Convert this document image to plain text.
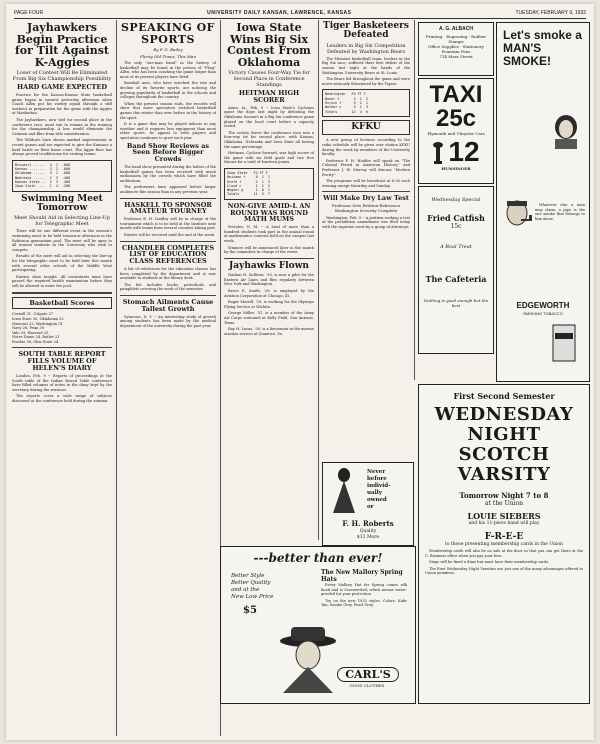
PAGE FOUR	UNIVERSITY DAILY KANSAN, LAWRENCE, KANSAS	TUESDAY, FEBRUARY 9, 1932
Jayhawkers Begin Practice for Tilt Against K-Aggies
Loser of Contest Will Be Eliminated From Big Six Championship Possibility
HARD GAME EXPECTED

Practice for the Kansas-Kansas State basketball game began in earnest yesterday afternoon when Coach Allen put his varsity squad through a stiff workout in preparation for the game with the Aggies at Manhattan.

The Jayhawkers, now tied for second place in the conference race, must win to remain in the running for the championship. A loss would eliminate the Crimson and Blue from title consideration.

The Wildcats have shown marked improvement in recent games and are expected to give the Kansans a hard battle on their home court. The Aggie floor has always proved troublesome for visiting teams.

Missouri ......  4  1  .800
Kansas ........  3  2  .600
Oklahoma ......  3  2  .600
Nebraska ......  2  3  .400
Kansas State ..  2  3  .400
Iowa State ....  1  4  .200
Swimming Meet Tomorrow
Meet Should Aid in Selecting Line-Up for Telegraphic Meet

There will be one different event in the women's swimming meet to be held tomorrow afternoon in the Robinson gymnasium pool. The meet will be open to all women students in the University who wish to compete.

Results of the meet will aid in selecting the line-up for the telegraphic meet to be held later this month with several other schools of the Middle West participating.

Entries close tonight. All contestants must have passed the required health examination before they will be allowed to enter the pool.

Basketball Scores
Cornell 31, Colgate 27
Iowa State 30, Oklahoma 22
Missouri 23, Washington 31
Navy 28, Penn 30
Yale 29, Harvard 25
Notre Dame 24, Butler 21
Purdue 38, Ohio State 24
SOUTH TABLE REPORT FILLS VOLUME OF HELEN'S DIARY

London, Feb. 9 -- Reports of proceedings at the South table of the Indian Round Table conference have filled volumes of notes in the diary kept by the secretary during the sessions.

The reports cover a wide range of subjects discussed at the conference held during the autumn.

SPEAKING OF SPORTS
By F. G. Bailey
Plenty Old Times, This Man

The only "one-man band" in the history of basketball may be found in the person of "Phog" Allen, who has been coaching the game longer than most of its present players have lived.

Baseball men, who have watched the rise and decline of its favorite sports, are noticing the growing popularity of basketball in the schools and colleges throughout the country.

When the present season ends, the records will show that more spectators watched basketball games this winter than ever before in the history of the sport.

It is a game that may be played indoors in any weather and it requires less equipment than most other sports. Its appeal to both players and spectators continues to grow each year.

Band Show Reviews as Seen Before Bigger Crowds

The band show presented during the halves of the basketball games has been received with much enthusiasm by the crowds which have filled the auditorium.

The performers have appeared before larger audiences this season than in any previous year.

HASKELL TO SPONSOR AMATEUR TOURNEY

Professor E. H. Lindley will be in charge of the tournament which is to be held at the Institute next month with teams from several counties taking part.

Entries will be received until the end of the week.

CHANDLER COMPLETES LIST OF EDUCATION CLASS REFERENCES

A list of references for the education classes has been completed by the department and is now available to students at the library desk.

The list includes books, periodicals and pamphlets covering the work of the semester.

Stomach Ailments Cause Tallest Growth

Syracuse, N. Y. -- An interesting study of growth among students has been made by the medical department of the university during the past year.

Iowa State Wins Big Six Contest From Oklahoma
Victory Causes Four-Way Tie for Second Place in Conference Standings
HEITMAN HIGH SCORER

Ames, Ia., Feb. 9 -- Iowa State's Cyclones upset the dope last night by defeating the Oklahoma Sooners in a Big Six conference game played on the local court before a capacity crowd.

The victory threw the conference race into a four-way tie for second place, with Kansas, Oklahoma, Nebraska and Iowa State all having the same percentage.

Heitman, Cyclone forward, was high scorer of the game with six field goals and two free throws for a total of fourteen points.

Iowa State   FG FT F
Heitman f     6  2  1
Grefe f       2  1  3
Lloyd c       1  2  2
Wegner g      2  0  1
Totals       11  5  7
NON-GIVE AMID-L AN ROUND WAS ROUND MATH MUMS

Portales, N. M. -- A total of more than a hundred students took part in the annual round of mathematics contests held on the campus last week.

Winners will be announced later in the month by the committee in charge of the event.

Jayhawks Flown

Nathan H. Sullivan, '30, is now a pilot for the Eastern Air Lines and flies regularly between New York and Washington.

Bruce E. Smith, '28, is employed by the Aviation Corporation at Chicago, Ill.

Roger Merrill, '29, is working for the Skyways Flying Service at Wichita.

George Miller, '31, is a member of the Army Air Corps stationed at Kelly Field, San Antonio, Texas.

Ray H. Lucas, '30, is a lieutenant in the marine aviation service at Quantico, Va.

Tiger Basketeers Defeated
Leaders in Big Six Competition Defeated by Washington Bears

The Missouri basketball team, leaders in the Big Six race, suffered their first defeat of the season last night at the hands of the Washington University Bears at St. Louis.

The Bears led throughout the game and were never seriously threatened by the Tigers.

Washington   FG FT F
Bauer f       4  1  2
Hirsch f      3  2  1
Walker c      5  1  3
Totals       12  4  6
KFKU

A new group of lectures according to the radio schedule will be given over station KFKU during the week by members of the University faculty.

Professor F. H. Hodder will speak on "The Colonial Period in American History," and Professor J. W. Murray will discuss "Modern Poetry."

The programs will be broadcast at 6:30 each evening except Saturday and Sunday.

Will Make Dry Law Test
Professor Sets Petition-Reference Washington Security Complete

Washington, Feb. 9 -- A petition seeking a test of the prohibition amendment was filed today with the supreme court by a group of attorneys.

A. G. ALBACH
Printing · Engraving · Rubber Stamps
Office Supplies · Stationery
Fountain Pens
714 Mass Street
TAXI
25c
Plymouth and Chrysler Cars
12
HUNSINGER
Wednesday Special
Fried Catfish
15c
A Real Treat
The Cafeteria
Nothing is good enough but the best
Let's smoke a MAN'S SMOKE!

Whatever else a man may claim, a pipe is the one smoke that belongs to him alone.

EDGEWORTH
SMOKING TOBACCO
First Second Semester
WEDNESDAY
NIGHT
SCOTCH
VARSITY
Tomorrow Night 7 to 8
at the Union
LOUIE SIEBERS
and his 11-piece band will play
F-R-E-E
to those presenting membership cards in the Union

Membership cards will also be on sale at the door so that you can get there at the U. Business office when you pay your fees.

Stags will be fined a dime but must have their membership cards.

The First Wednesday Night Varsities are just one of the many advantages offered to Union members.

Never
before
individ-
ually
owned
or
F. H. Roberts
Quality
$12 More
---better than ever!
The New Mallory Spring Hats
Better Style
Better Quality
and at the
New Low Price
$5

Every Mallory Hat for Spring comes silk lined and is Cravenetted, which means water-proofed for your protection.

Try on the new 1932 styles. Colors: Kafir Tan, Smoke Grey, Pearl Grey.

CARL'S
GOOD CLOTHES
